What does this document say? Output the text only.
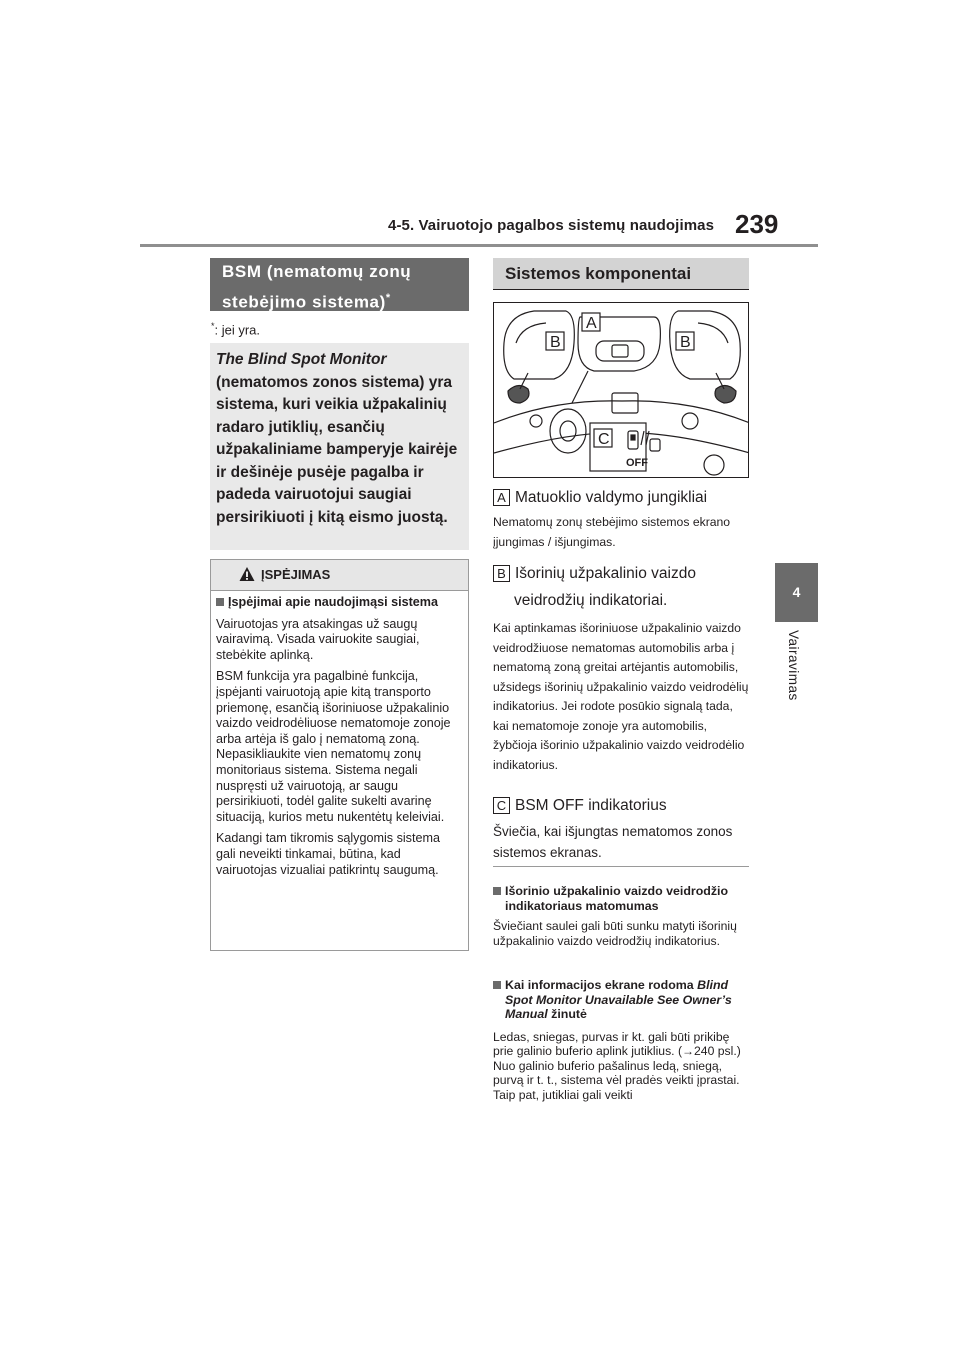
4-5. Vairuotojo pagalbos sistemų naudojimas 239
4
Vairavimas
BSM (nematomų zonų
stebėjimo sistema)*
*: jei yra.
The Blind Spot Monitor (nematomos zonos sistema) yra sistema, kuri veikia užpakalinių radaro jutiklių, esančių užpakaliniame bamperyje kairėje ir dešinėje pusėje pagalba ir padeda vairuotojui saugiai persirikiuoti į kitą eismo juostą.
ĮSPĖJIMAS
Įspėjimai apie naudojimąsi sistema

Vairuotojas yra atsakingas už saugų vairavimą. Visada vairuokite saugiai, stebėkite aplinką.

BSM funkcija yra pagalbinė funkcija, įspėjanti vairuotoją apie kitą transporto priemonę, esančią išoriniuose užpakalinio vaizdo veidrodėliuose nematomoje zonoje arba artėja iš galo į nematomą zoną. Nepasikliaukite vien nematomų zonų monitoriaus sistema. Sistema negali nuspręsti už vairuotoją, ar saugu persirikiuoti, todėl galite sukelti avarinę situaciją, kurios metu nukentėtų keleiviai.

Kadangi tam tikromis sąlygomis sistema gali neveikti tinkamai, būtina, kad vairuotojas vizualiai patikrintų saugumą.

Sistemos komponentai
A
B	B
C
OFF
A Matuoklio valdymo jungikliai
Nematomų zonų stebėjimo sistemos ekrano įjungimas / išjungimas.
B Išorinių užpakalinio vaizdo veidrodžių indikatoriai.
Kai aptinkamas išoriniuose užpakalinio vaizdo veidrodžiuose nematomas automobilis arba į nematomą zoną greitai artėjantis automobilis, užsidegs išorinių užpakalinio vaizdo veidrodėlių indikatorius. Jei rodote posūkio signalą tada, kai nematomoje zonoje yra automobilis, žybčioja išorinio užpakalinio vaizdo veidrodėlio indikatorius.
C BSM OFF indikatorius
Šviečia, kai išjungtas nematomos zonos sistemos ekranas.
Išorinio užpakalinio vaizdo veidrodžio indikatoriaus matomumas
Šviečiant saulei gali būti sunku matyti išorinių užpakalinio vaizdo veidrodžių indikatorius.
Kai informacijos ekrane rodoma Blind Spot Monitor Unavailable See Owner’s Manual žinutė
Ledas, sniegas, purvas ir kt. gali būti prikibę prie galinio buferio aplink jutiklius. (→240 psl.) Nuo galinio buferio pašalinus ledą, sniegą, purvą ir t. t., sistema vėl pradės veikti įprastai. Taip pat, jutikliai gali veikti
